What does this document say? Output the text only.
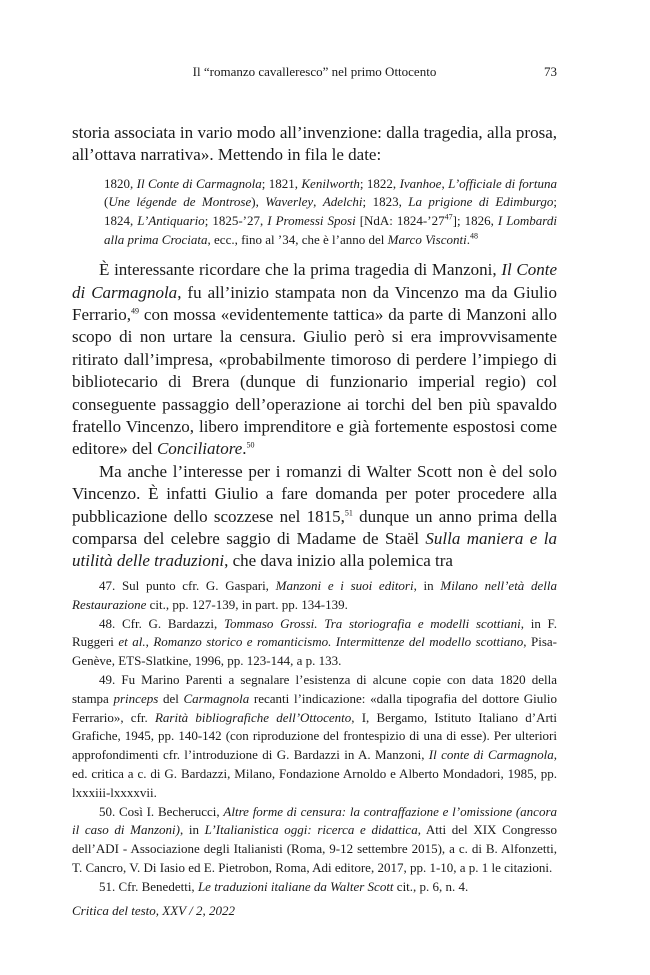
Il “romanzo cavalleresco” nel primo Ottocento	73

storia associata in vario modo all’invenzione: dalla tragedia, alla prosa, all’ottava narrativa». Mettendo in fila le date:

1820, Il Conte di Carmagnola; 1821, Kenilworth; 1822, Ivanhoe, L’officiale di fortuna (Une légende de Montrose), Waverley, Adelchi; 1823, La prigione di Edimburgo; 1824, L’Antiquario; 1825-’27, I Promessi Sposi [NdA: $1824-’27^{47}$]; 1826, I Lombardi alla prima Crociata, ecc., fino al ’34, che è l’anno del Marco Visconti.$^{48}$

È interessante ricordare che la prima tragedia di Manzoni, Il Conte di Carmagnola, fu all’inizio stampata non da Vincenzo ma da Giulio Ferrario,$^{49}$ con mossa «evidentemente tattica» da parte di Manzoni allo scopo di non urtare la censura. Giulio però si era improvvisamente ritirato dall’impresa, «probabilmente timoroso di perdere l’impiego di bibliotecario di Brera (dunque di funzionario imperial regio) col conseguente passaggio dell’operazione ai torchi del ben più spavaldo fratello Vincenzo, libero imprenditore e già fortemente espostosi come editore» del Conciliatore.$^{50}$

Ma anche l’interesse per i romanzi di Walter Scott non è del solo Vincenzo. È infatti Giulio a fare domanda per poter procedere alla pubblicazione dello scozzese nel 1815,51 dunque un anno prima della comparsa del celebre saggio di Madame de Staël Sulla maniera e la utilità delle traduzioni, che dava inizio alla polemica tra

47. Sul punto cfr. G. Gaspari, Manzoni e i suoi editori, in Milano nell’età della Restaurazione cit., pp. 127-139, in part. pp. 134-139.

48. Cfr. G. Bardazzi, Tommaso Grossi. Tra storiografia e modelli scottiani, in F. Ruggeri et al., Romanzo storico e romanticismo. Intermittenze del modello scottiano, Pisa-Genève, ETS-Slatkine, 1996, pp. 123-144, a p. 133.

49. Fu Marino Parenti a segnalare l’esistenza di alcune copie con data 1820 della stampa princeps del Carmagnola recanti l’indicazione: «dalla tipografia del dottore Giulio Ferrario», cfr. Rarità bibliografiche dell’Ottocento, I, Bergamo, Istituto Italiano d’Arti Grafiche, 1945, pp. 140-142 (con riproduzione del frontespizio di una di esse). Per ulteriori approfondimenti cfr. l’introduzione di G. Bardazzi in A. Manzoni, Il conte di Carmagnola, ed. critica a c. di G. Bardazzi, Milano, Fondazione Arnoldo e Alberto Mondadori, 1985, pp. lxxxiii-lxxxxvii.

50. Così I. Becherucci, Altre forme di censura: la contraffazione e l’omissione (ancora il caso di Manzoni), in L’Italianistica oggi: ricerca e didattica, Atti del XIX Congresso dell’ADI - Associazione degli Italianisti (Roma, 9-12 settembre 2015), a c. di B. Alfonzetti, T. Cancro, V. Di Iasio ed E. Pietrobon, Roma, Adi editore, 2017, pp. 1-10, a p. 1 le citazioni.

51. Cfr. Benedetti, Le traduzioni italiane da Walter Scott cit., p. 6, n. 4.

Critica del testo, XXV / 2, 2022
